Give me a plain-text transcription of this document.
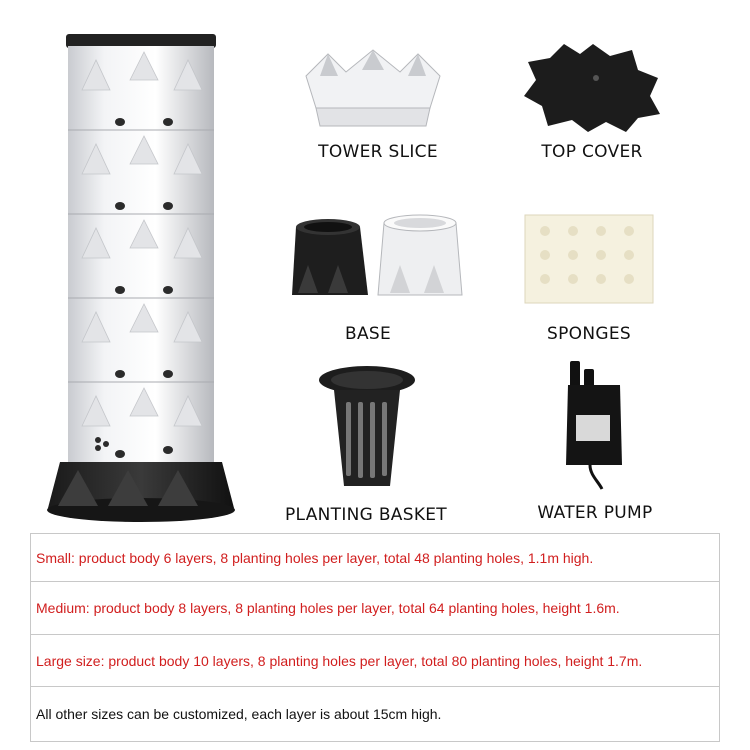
TOWER SLICE	TOP COVER
BASE	SPONGES
PLANTING BASKET	WATER PUMP
Small: product body 6 layers, 8 planting holes per layer, total 48 planting holes, 1.1m high.
Medium: product body 8 layers, 8 planting holes per layer, total 64 planting holes, height 1.6m.
Large size: product body 10 layers, 8 planting holes per layer, total 80 planting holes, height 1.7m.
All other sizes can be customized, each layer is about 15cm high.
